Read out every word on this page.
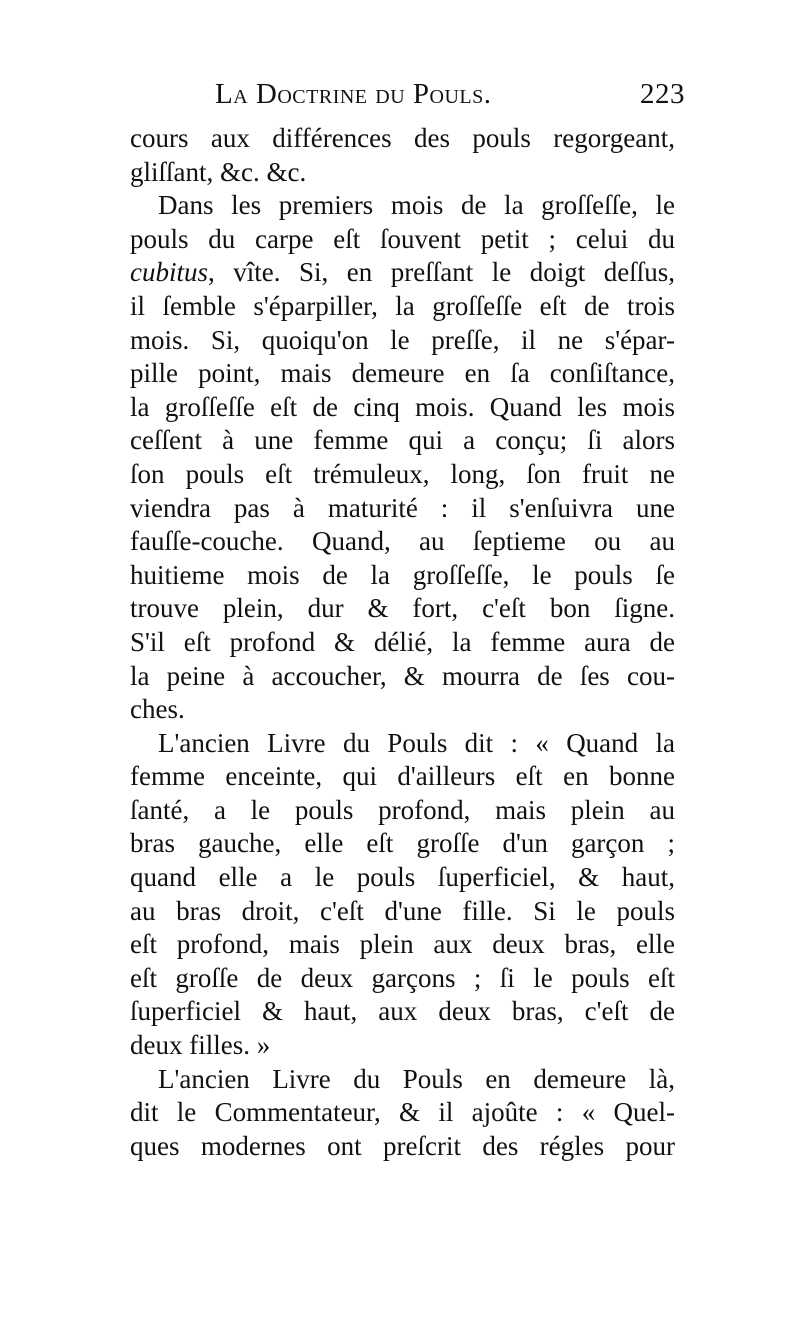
La Doctrine du Pouls.	223
cours aux différences des pouls regorgeant,
gliſſant, &c. &c.
Dans les premiers mois de la groſſeſſe, le
pouls du carpe eſt ſouvent petit ; celui du
cubitus, vîte. Si, en preſſant le doigt deſſus,
il ſemble s'éparpiller, la groſſeſſe eſt de trois
mois. Si, quoiqu'on le preſſe, il ne s'épar-
pille point, mais demeure en ſa conſiſtance,
la groſſeſſe eſt de cinq mois. Quand les mois
ceſſent à une femme qui a conçu; ſi alors
ſon pouls eſt trémuleux, long, ſon fruit ne
viendra pas à maturité : il s'enſuivra une
fauſſe-couche. Quand, au ſeptieme ou au
huitieme mois de la groſſeſſe, le pouls ſe
trouve plein, dur & fort, c'eſt bon ſigne.
S'il eſt profond & délié, la femme aura de
la peine à accoucher, & mourra de ſes cou-
ches.
L'ancien Livre du Pouls dit : « Quand la
femme enceinte, qui d'ailleurs eſt en bonne
ſanté, a le pouls profond, mais plein au
bras gauche, elle eſt groſſe d'un garçon ;
quand elle a le pouls ſuperficiel, & haut,
au bras droit, c'eſt d'une fille. Si le pouls
eſt profond, mais plein aux deux bras, elle
eſt groſſe de deux garçons ; ſi le pouls eſt
ſuperficiel & haut, aux deux bras, c'eſt de
deux filles. »
L'ancien Livre du Pouls en demeure là,
dit le Commentateur, & il ajoûte : « Quel-
ques modernes ont preſcrit des régles pour
